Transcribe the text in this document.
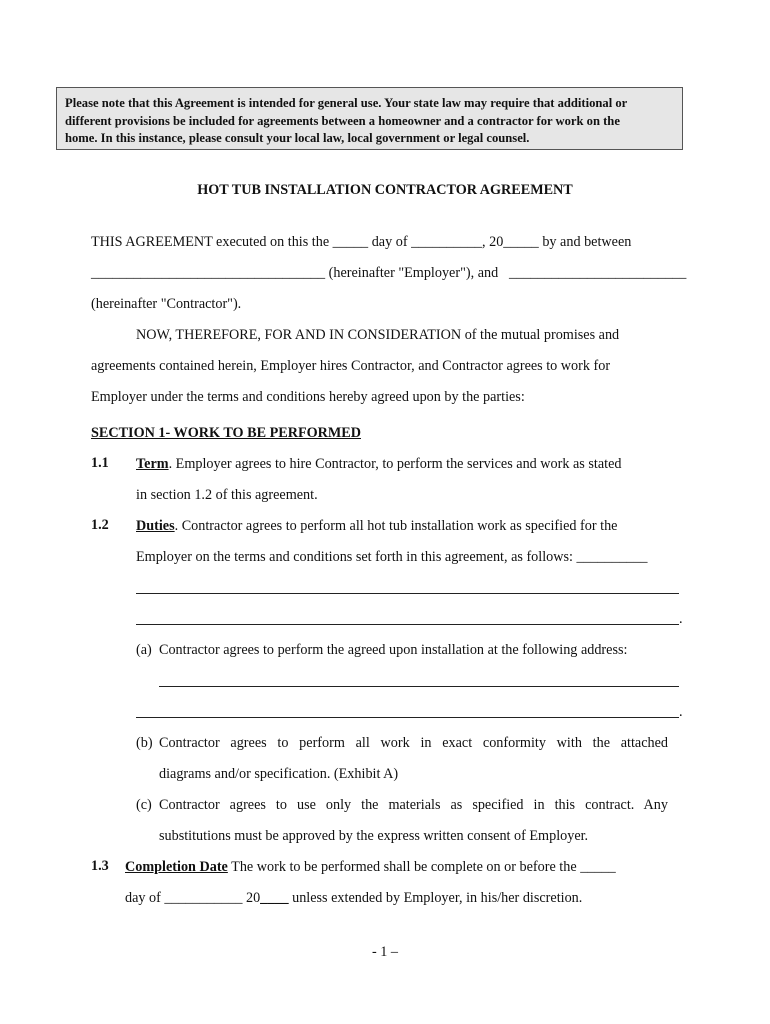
Please note that this Agreement is intended for general use. Your state law may require that additional or
different provisions be included for agreements between a homeowner and a contractor for work on the
home. In this instance, please consult your local law, local government or legal counsel.
HOT TUB INSTALLATION CONTRACTOR AGREEMENT
THIS AGREEMENT executed on this the _____ day of __________, 20_____ by and between
_________________________________ (hereinafter "Employer"), and _________________________
(hereinafter "Contractor").
NOW, THEREFORE, FOR AND IN CONSIDERATION of the mutual promises and
agreements contained herein, Employer hires Contractor, and Contractor agrees to work for
Employer under the terms and conditions hereby agreed upon by the parties:
SECTION 1- WORK TO BE PERFORMED
1.1 Term. Employer agrees to hire Contractor, to perform the services and work as stated
in section 1.2 of this agreement.
1.2 Duties. Contractor agrees to perform all hot tub installation work as specified for the
Employer on the terms and conditions set forth in this agreement, as follows: __________
.
(a) Contractor agrees to perform the agreed upon installation at the following address:
.
(b) Contractor agrees to perform all work in exact conformity with the attached
diagrams and/or specification. (Exhibit A)
(c) Contractor agrees to use only the materials as specified in this contract. Any
substitutions must be approved by the express written consent of Employer.
1.3 Completion Date The work to be performed shall be complete on or before the _____
day of ___________ 20____ unless extended by Employer, in his/her discretion.
- 1 –
